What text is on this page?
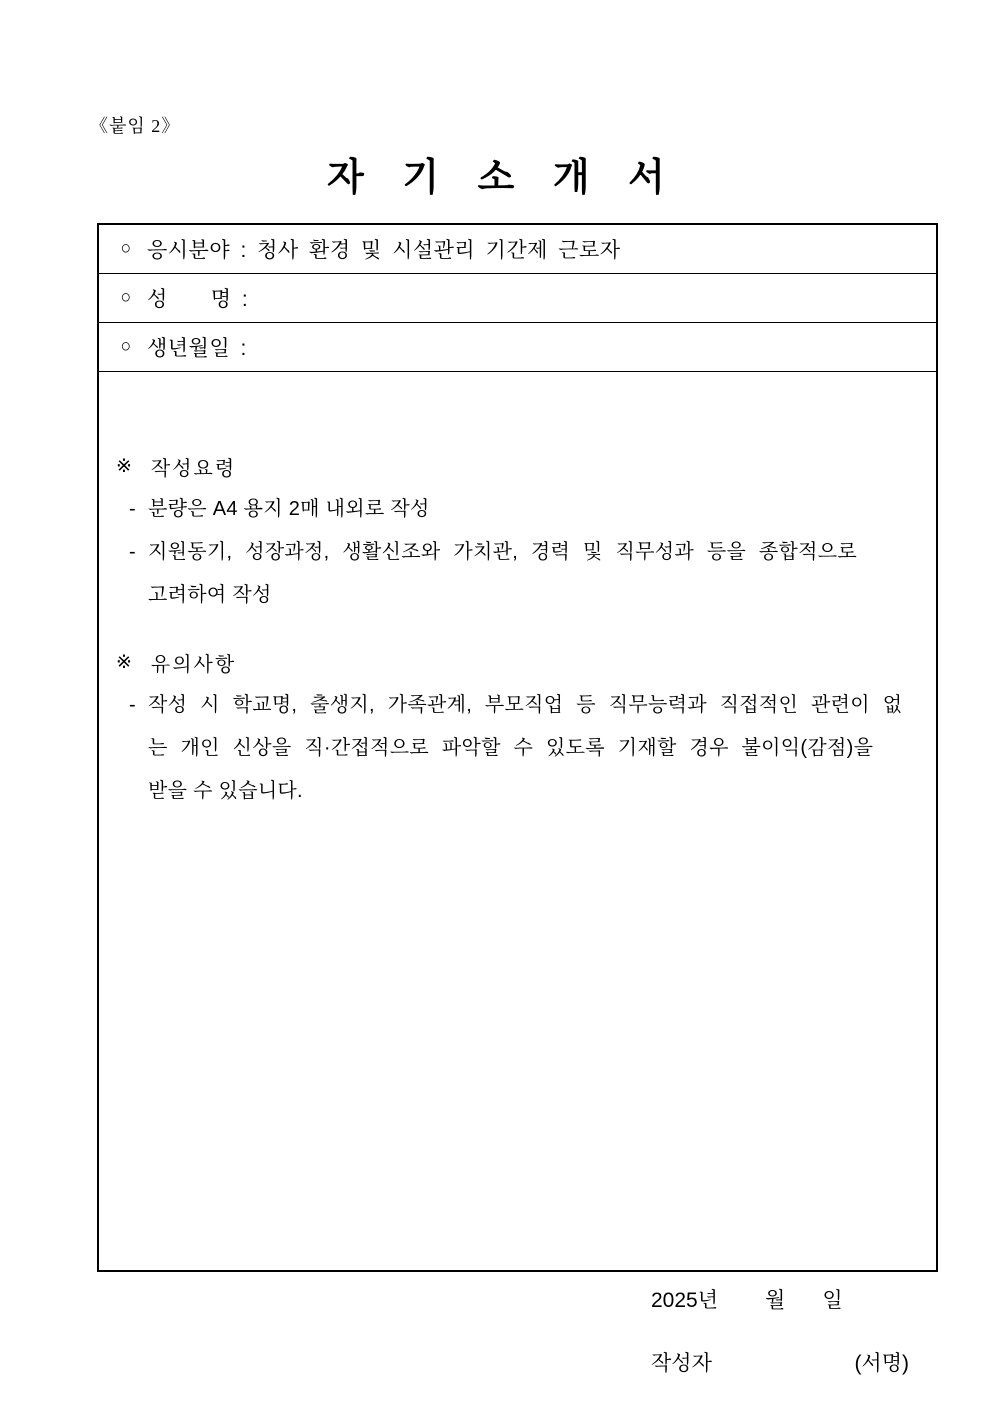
《붙임 2》
자 기 소 개 서
○ 응시분야 : 청사 환경 및 시설관리 기간제 근로자
○ 성　　명 :
○ 생년월일 :
※ 작성요령
- 분량은 A4 용지 2매 내외로 작성
- 지원동기, 성장과정, 생활신조와 가치관, 경력 및 직무성과 등을 종합적으로
고려하여 작성
※ 유의사항
- 작성 시 학교명, 출생지, 가족관계, 부모직업 등 직무능력과 직접적인 관련이 없
는 개인 신상을 직·간접적으로 파악할 수 있도록 기재할 경우 불이익(감점)을
받을 수 있습니다.
2025년 월 일
작성자	(서명)
